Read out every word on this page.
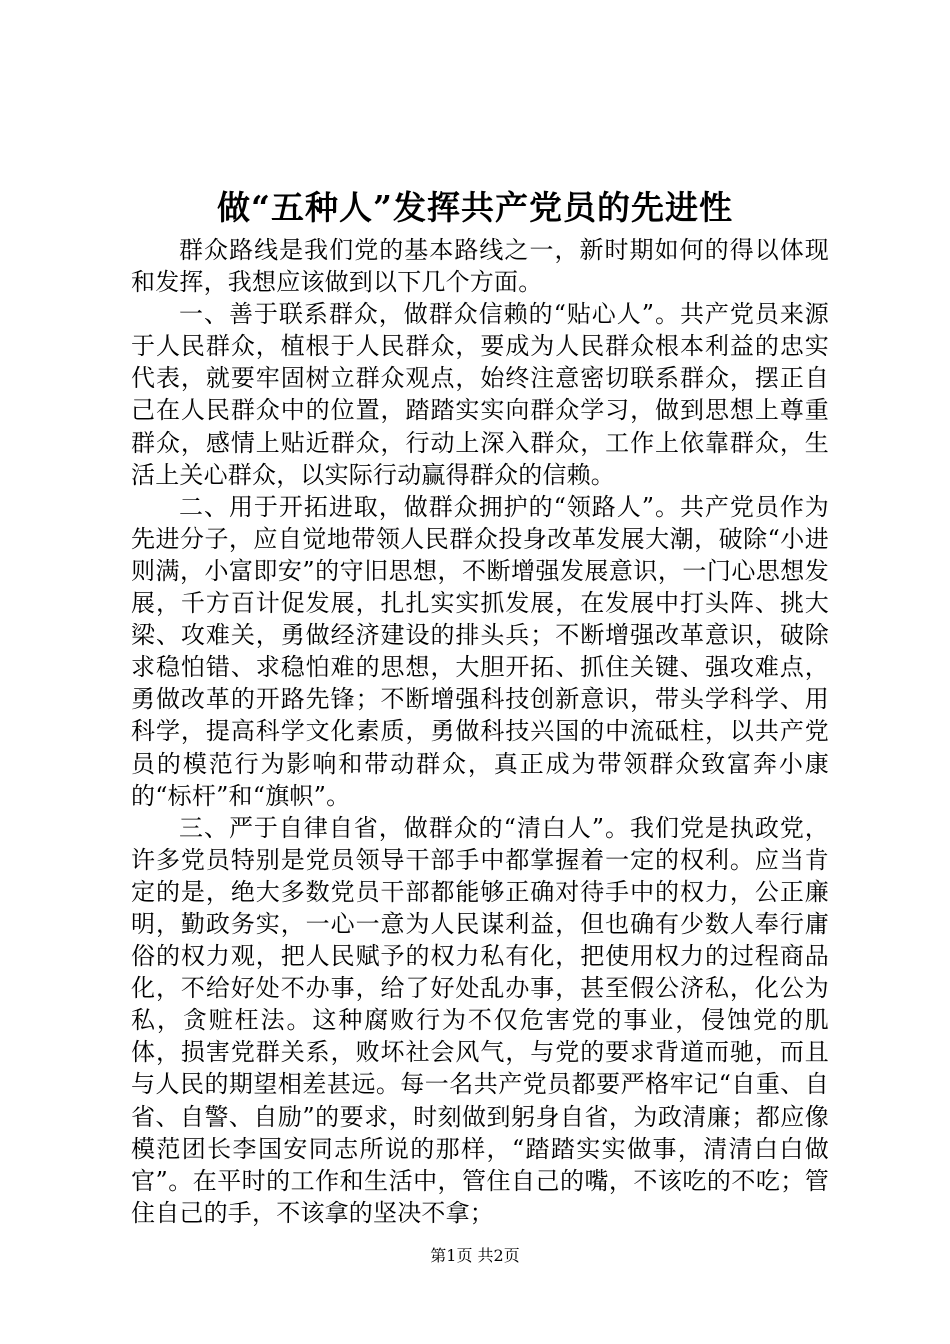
做“五种人”发挥共产党员的先进性

群众路线是我们党的基本路线之一，新时期如何的得以体现和发挥，我想应该做到以下几个方面。

一、善于联系群众，做群众信赖的“贴心人”。共产党员来源于人民群众，植根于人民群众，要成为人民群众根本利益的忠实代表，就要牢固树立群众观点，始终注意密切联系群众，摆正自己在人民群众中的位置，踏踏实实向群众学习，做到思想上尊重群众，感情上贴近群众，行动上深入群众，工作上依靠群众，生活上关心群众，以实际行动赢得群众的信赖。

二、用于开拓进取，做群众拥护的“领路人”。共产党员作为先进分子，应自觉地带领人民群众投身改革发展大潮，破除“小进则满，小富即安”的守旧思想，不断增强发展意识，一门心思想发展，千方百计促发展，扎扎实实抓发展，在发展中打头阵、挑大梁、攻难关，勇做经济建设的排头兵；不断增强改革意识，破除求稳怕错、求稳怕难的思想，大胆开拓、抓住关键、强攻难点，勇做改革的开路先锋；不断增强科技创新意识，带头学科学、用科学，提高科学文化素质，勇做科技兴国的中流砥柱，以共产党员的模范行为影响和带动群众，真正成为带领群众致富奔小康的“标杆”和“旗帜”。

三、严于自律自省，做群众的“清白人”。我们党是执政党，许多党员特别是党员领导干部手中都掌握着一定的权利。应当肯定的是，绝大多数党员干部都能够正确对待手中的权力，公正廉明，勤政务实，一心一意为人民谋利益，但也确有少数人奉行庸俗的权力观，把人民赋予的权力私有化，把使用权力的过程商品化，不给好处不办事，给了好处乱办事，甚至假公济私，化公为私，贪赃枉法。这种腐败行为不仅危害党的事业，侵蚀党的肌体，损害党群关系，败坏社会风气，与党的要求背道而驰，而且与人民的期望相差甚远。每一名共产党员都要严格牢记“自重、自省、自警、自励”的要求，时刻做到躬身自省，为政清廉；都应像模范团长李国安同志所说的那样，“踏踏实实做事，清清白白做官”。在平时的工作和生活中，管住自己的嘴，不该吃的不吃；管住自己的手，不该拿的坚决不拿；

第1页 共2页
